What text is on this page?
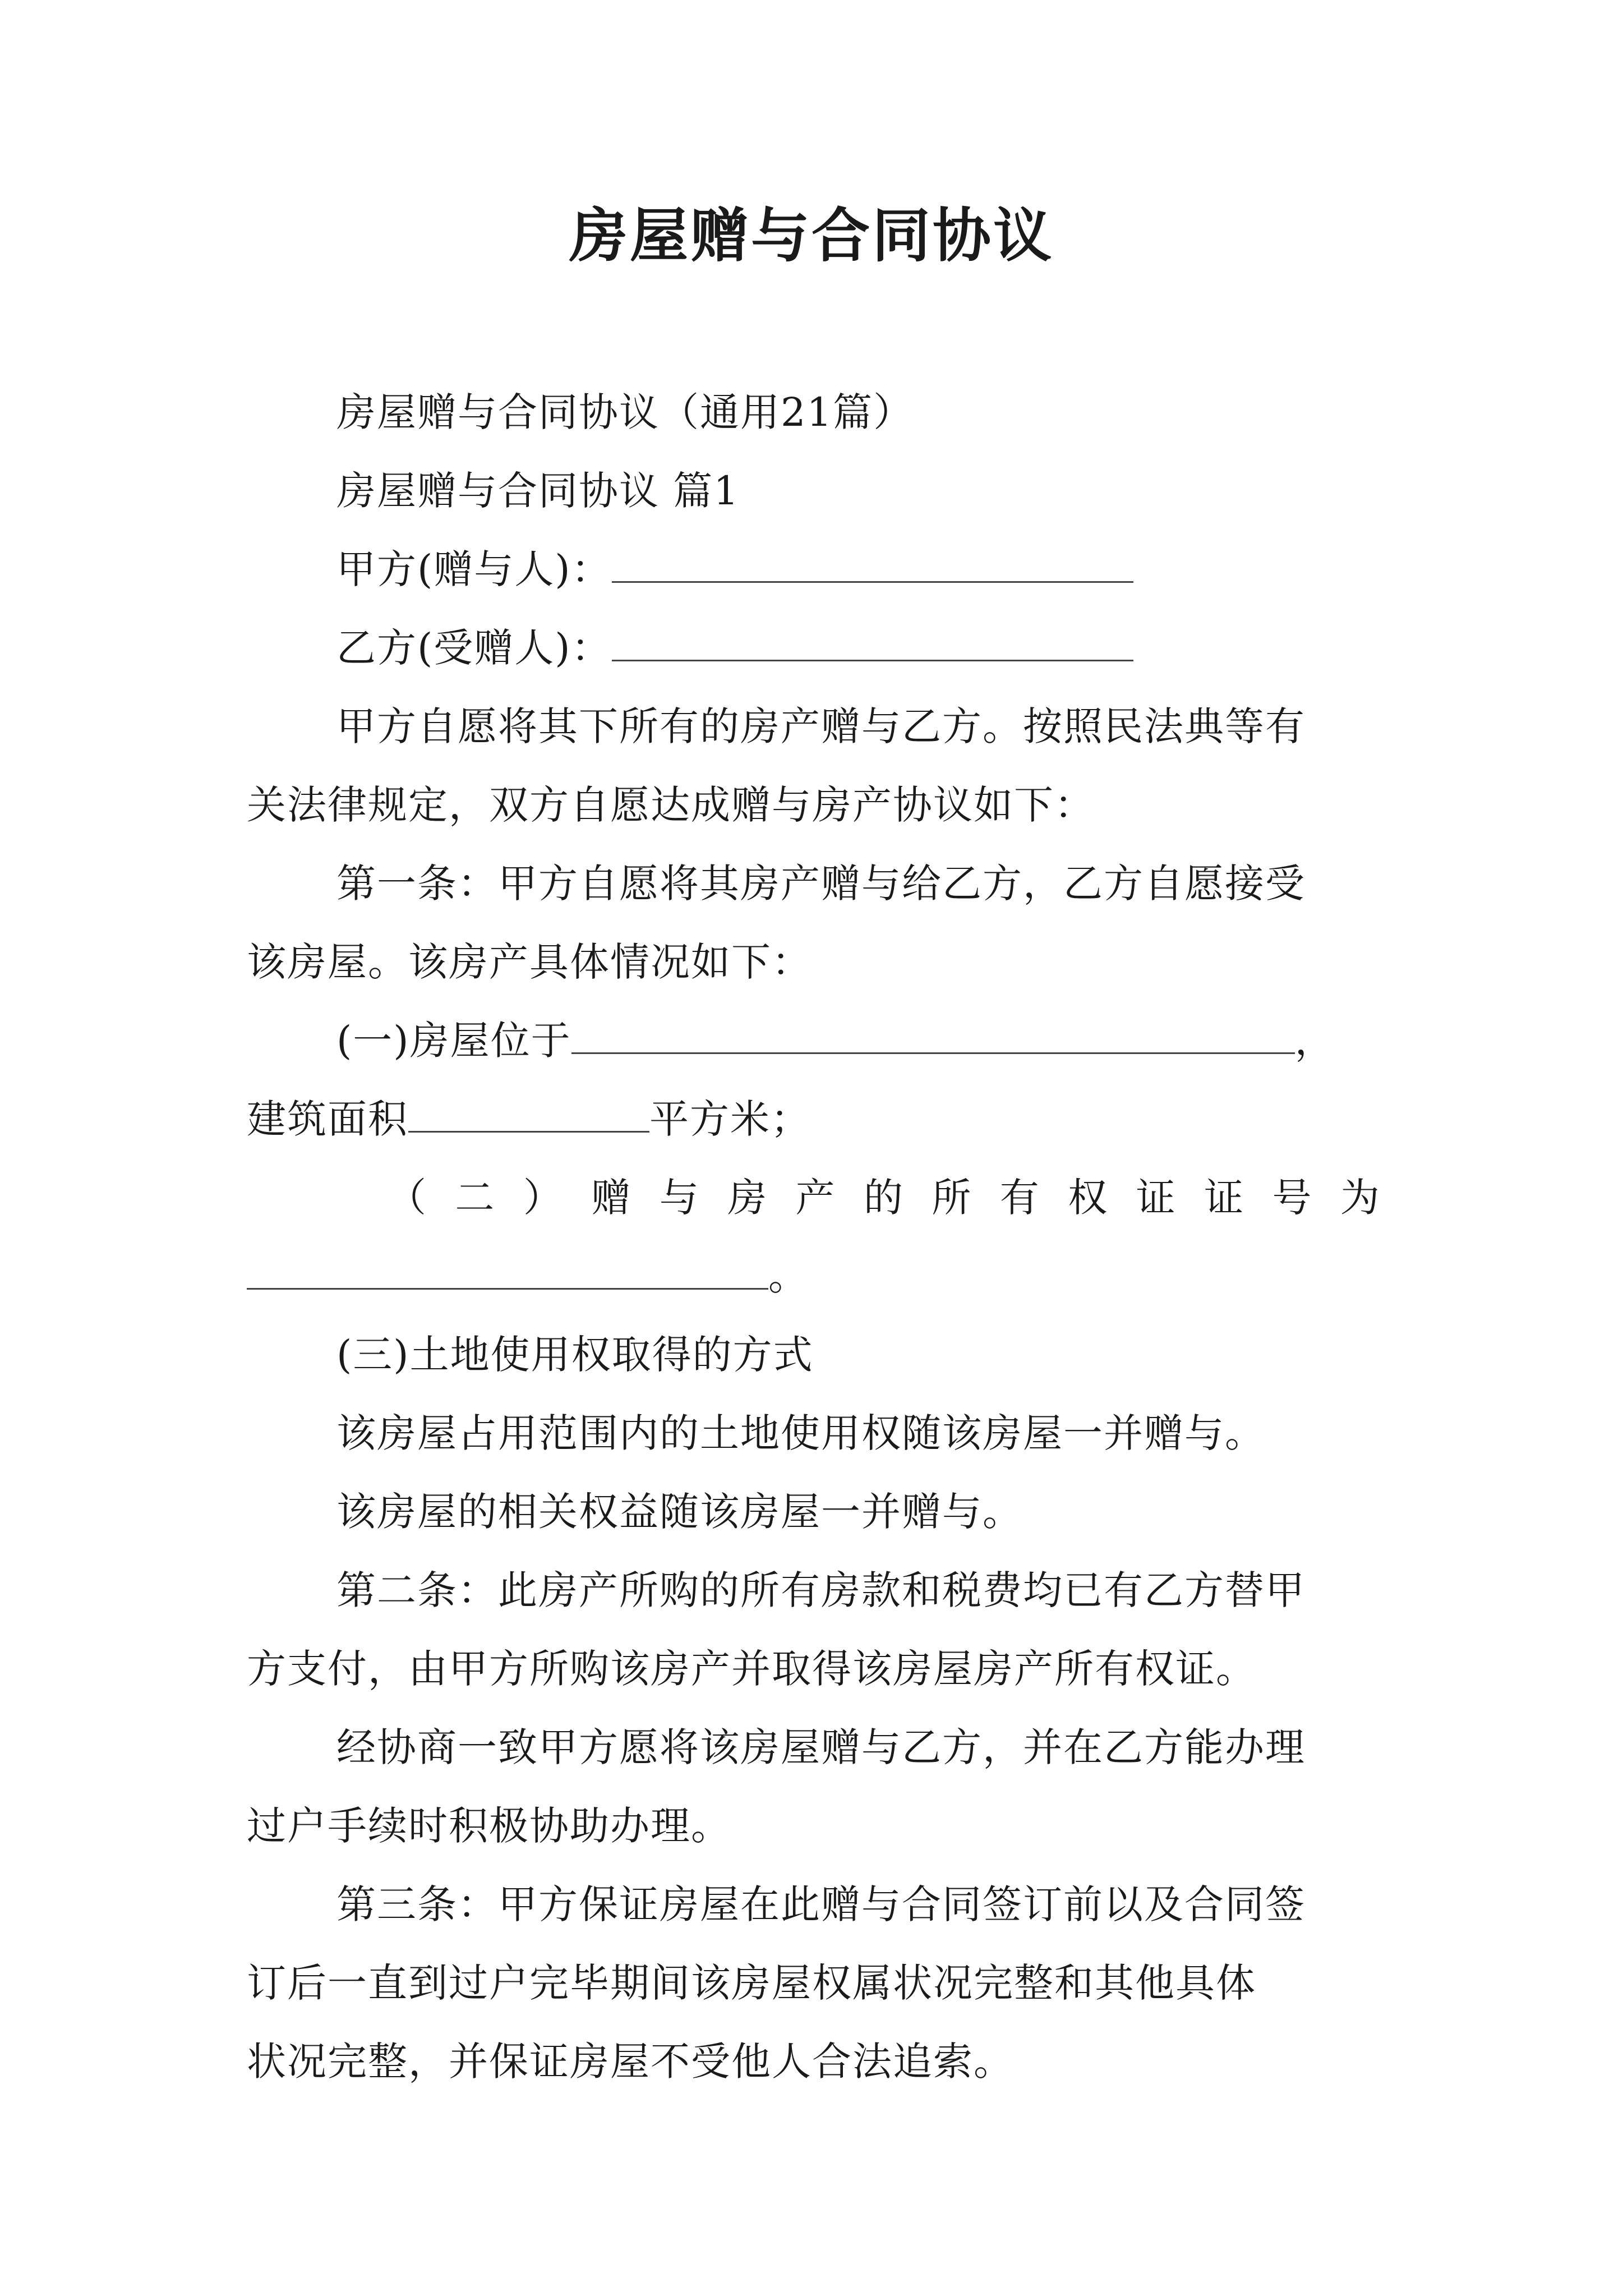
房屋赠与合同协议
房屋赠与合同协议（通用21篇）
房屋赠与合同协议 篇1
甲方(赠与人)：
乙方(受赠人)：
甲方自愿将其下所有的房产赠与乙方。按照民法典等有
关法律规定，双方自愿达成赠与房产协议如下：
第一条：甲方自愿将其房产赠与给乙方，乙方自愿接受
该房屋。该房产具体情况如下：
(一)房屋位于	，
建筑面积	平方米；
（ 二 ） 赠 与 房 产 的 所 有 权 证 证 号 为
。
(三)土地使用权取得的方式
该房屋占用范围内的土地使用权随该房屋一并赠与。
该房屋的相关权益随该房屋一并赠与。
第二条：此房产所购的所有房款和税费均已有乙方替甲
方支付，由甲方所购该房产并取得该房屋房产所有权证。
经协商一致甲方愿将该房屋赠与乙方，并在乙方能办理
过户手续时积极协助办理。
第三条：甲方保证房屋在此赠与合同签订前以及合同签
订后一直到过户完毕期间该房屋权属状况完整和其他具体
状况完整，并保证房屋不受他人合法追索。
